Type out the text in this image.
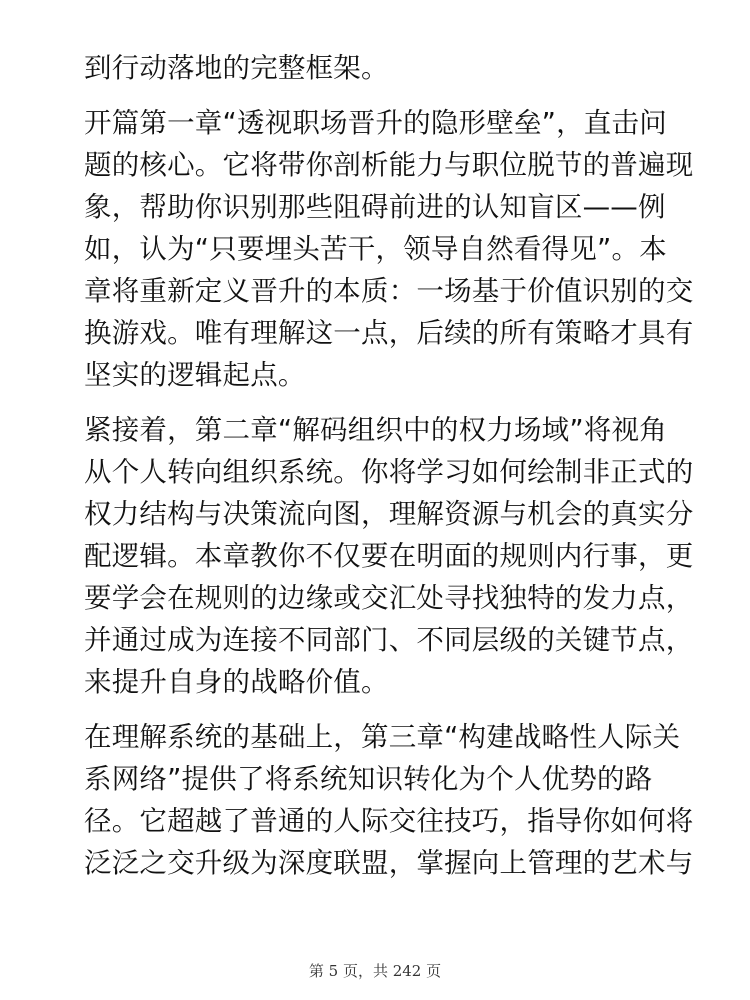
到行动落地的完整框架。
开篇第一章“透视职场晋升的隐形壁垒”，直击问
题的核心。它将带你剖析能力与职位脱节的普遍现
象，帮助你识别那些阻碍前进的认知盲区——例
如，认为“只要埋头苦干，领导自然看得见”。本
章将重新定义晋升的本质：一场基于价值识别的交
换游戏。唯有理解这一点，后续的所有策略才具有
坚实的逻辑起点。
紧接着，第二章“解码组织中的权力场域”将视角
从个人转向组织系统。你将学习如何绘制非正式的
权力结构与决策流向图，理解资源与机会的真实分
配逻辑。本章教你不仅要在明面的规则内行事，更
要学会在规则的边缘或交汇处寻找独特的发力点，
并通过成为连接不同部门、不同层级的关键节点，
来提升自身的战略价值。
在理解系统的基础上，第三章“构建战略性人际关
系网络”提供了将系统知识转化为个人优势的路
径。它超越了普通的人际交往技巧，指导你如何将
泛泛之交升级为深度联盟，掌握向上管理的艺术与
第 5 页，共 242 页
